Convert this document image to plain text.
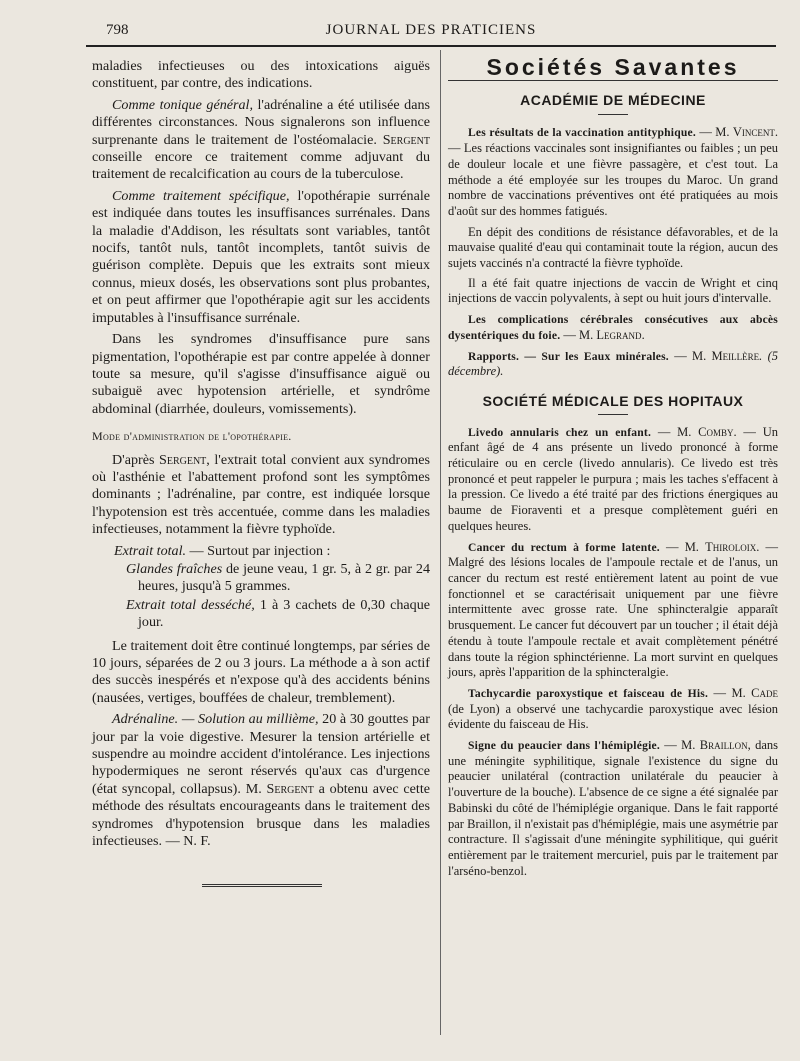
798	JOURNAL DES PRATICIENS

maladies infectieuses ou des intoxications aiguës constituent, par contre, des indications.

Comme tonique général, l'adrénaline a été utilisée dans différentes circonstances. Nous signalerons son influence surprenante dans le traitement de l'ostéomalacie. Sergent conseille encore ce traitement comme adjuvant du traitement de recalcification au cours de la tuberculose.

Comme traitement spécifique, l'opothérapie surrénale est indiquée dans toutes les insuffisances surrénales. Dans la maladie d'Addison, les résultats sont variables, tantôt nocifs, tantôt nuls, tantôt incomplets, tantôt suivis de guérison complète. Depuis que les extraits sont mieux connus, mieux dosés, les observations sont plus probantes, et on peut affirmer que l'opothérapie agit sur les accidents imputables à l'insuffisance surrénale.

Dans les syndromes d'insuffisance pure sans pigmentation, l'opothérapie est par contre appelée à donner toute sa mesure, qu'il s'agisse d'insuffisance aiguë ou subaiguë avec hypotension artérielle, et syndrôme abdominal (diarrhée, douleurs, vomissements).

Mode d'administration de l'opothérapie.

D'après Sergent, l'extrait total convient aux syndromes où l'asthénie et l'abattement profond sont les symptômes dominants ; l'adrénaline, par contre, est indiquée lorsque l'hypotension est très accentuée, comme dans les maladies infectieuses, notamment la fièvre typhoïde.

Extrait total. — Surtout par injection :

Glandes fraîches de jeune veau, 1 gr. 5, à 2 gr. par 24 heures, jusqu'à 5 grammes.

Extrait total desséché, 1 à 3 cachets de 0,30 chaque jour.

Le traitement doit être continué longtemps, par séries de 10 jours, séparées de 2 ou 3 jours. La méthode a à son actif des succès inespérés et n'expose qu'à des accidents bénins (nausées, vertiges, bouffées de chaleur, tremblement).

Adrénaline. — Solution au millième, 20 à 30 gouttes par jour par la voie digestive. Mesurer la tension artérielle et suspendre au moindre accident d'intolérance. Les injections hypodermiques ne seront réservés qu'aux cas d'urgence (état syncopal, collapsus). M. Sergent a obtenu avec cette méthode des résultats encourageants dans le traitement des syndromes d'hypotension brusque dans les maladies infectieuses. — N. F.

Sociétés Savantes
ACADÉMIE DE MÉDECINE

Les résultats de la vaccination antityphique. — M. Vincent. — Les réactions vaccinales sont insignifiantes ou faibles ; un peu de douleur locale et une fièvre passagère, et c'est tout. La méthode a été employée sur les troupes du Maroc. Un grand nombre de vaccinations préventives ont été pratiquées au mois d'août sur des hommes fatigués.

En dépit des conditions de résistance défavorables, et de la mauvaise qualité d'eau qui contaminait toute la région, aucun des sujets vaccinés n'a contracté la fièvre typhoïde.

Il a été fait quatre injections de vaccin de Wright et cinq injections de vaccin polyvalents, à sept ou huit jours d'intervalle.

Les complications cérébrales consécutives aux abcès dysentériques du foie. — M. Legrand.

Rapports. — Sur les Eaux minérales. — M. Meillère. (5 décembre).

SOCIÉTÉ MÉDICALE DES HOPITAUX

Livedo annularis chez un enfant. — M. Comby. — Un enfant âgé de 4 ans présente un livedo prononcé à forme réticulaire ou en cercle (livedo annularis). Ce livedo est très prononcé et peut rappeler le purpura ; mais les taches s'effacent à la pression. Ce livedo a été traité par des frictions énergiques au baume de Fioraventi et a presque complètement guéri en quelques heures.

Cancer du rectum à forme latente. — M. Thiroloix. — Malgré des lésions locales de l'ampoule rectale et de l'anus, un cancer du rectum est resté entièrement latent au point de vue fonctionnel et se caractérisait uniquement par une fièvre intermittente avec grosse rate. Une sphincteralgie apparaît brusquement. Le cancer fut découvert par un toucher ; il était déjà étendu à toute l'ampoule rectale et avait complètement pénétré dans toute la région sphinctérienne. La mort survint en quelques jours, après l'apparition de la sphincteralgie.

Tachycardie paroxystique et faisceau de His. — M. Cade (de Lyon) a observé une tachycardie paroxystique avec lésion évidente du faisceau de His.

Signe du peaucier dans l'hémiplégie. — M. Braillon, dans une méningite syphilitique, signale l'existence du signe du peaucier unilatéral (contraction unilatérale du peaucier à l'ouverture de la bouche). L'absence de ce signe a été signalée par Babinski du côté de l'hémiplégie organique. Dans le fait rapporté par Braillon, il n'existait pas d'hémiplégie, mais une asymétrie par contracture. Il s'agissait d'une méningite syphilitique, qui guérit entièrement par le traitement mercuriel, puis par le traitement par l'arséno-benzol.
